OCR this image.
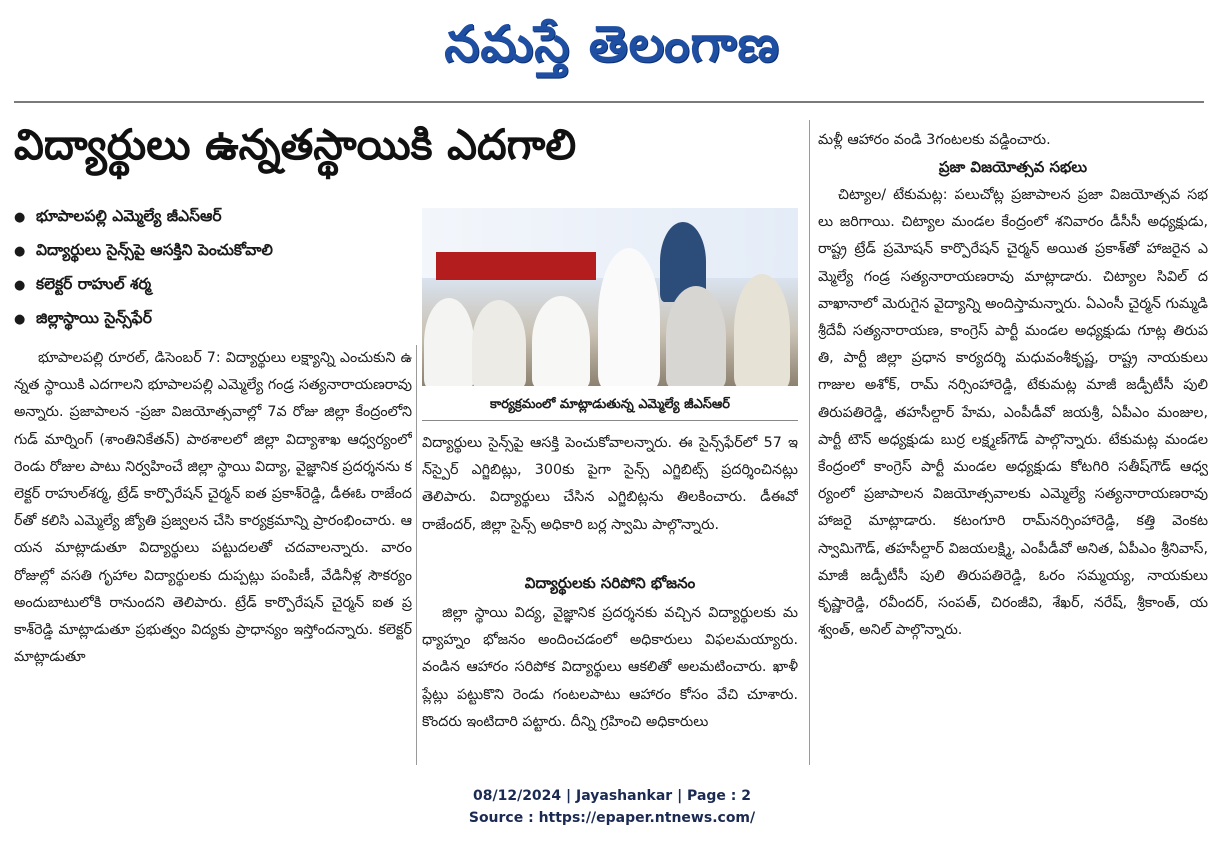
నమస్తే తెలంగాణ
విద్యార్థులు ఉన్నతస్థాయికి ఎదగాలి
● భూపాలపల్లి ఎమ్మెల్యే జీఎస్ఆర్
● విద్యార్థులు సైన్స్‌పై ఆసక్తిని పెంచుకోవాలి
● కలెక్టర్ రాహుల్ శర్మ
● జిల్లాస్థాయి సైన్స్‌ఫేర్
కార్యక్రమంలో మాట్లాడుతున్న ఎమ్మెల్యే జీఎస్ఆర్
భూపాలపల్లి రూరల్, డిసెంబర్ 7: విద్యార్థులు లక్ష్యాన్ని ఎంచుకుని ఉన్నత స్థాయికి ఎదగాలని భూపాలపల్లి ఎమ్మెల్యే గండ్ర సత్యనారాయణరావు అన్నారు. ప్రజాపాలన -ప్రజా విజయోత్సవాల్లో 7వ రోజు జిల్లా కేంద్రంలోని గుడ్ మార్నింగ్ (శాంతినికేతన్) పాఠశాలలో జిల్లా విద్యాశాఖ ఆధ్వర్యంలో రెండు రోజుల పాటు నిర్వహించే జిల్లా స్థాయి విద్యా, వైజ్ఞానిక ప్రదర్శనను కలెక్టర్ రాహుల్‌శర్మ, ట్రేడ్ కార్పొరేషన్ చైర్మన్ ఐత ప్రకాశ్‌రెడ్డి, డీఈఓ రాజేందర్‌తో కలిసి ఎమ్మెల్యే జ్యోతి ప్రజ్వలన చేసి కార్యక్రమాన్ని ప్రారంభించారు. ఆయన మాట్లాడుతూ విద్యార్థులు పట్టుదలతో చదవాలన్నారు. వారం రోజుల్లో వసతి గృహాల విద్యార్థులకు దుప్పట్లు పంపిణీ, వేడినీళ్ల సౌకర్యం అందుబాటులోకి రానుందని తెలిపారు. ట్రేడ్ కార్పొరేషన్ చైర్మన్ ఐత ప్రకాశ్‌రెడ్డి మాట్లాడుతూ ప్రభుత్వం విద్యకు ప్రాధాన్యం ఇస్తోందన్నారు. కలెక్టర్ మాట్లాడుతూ
విద్యార్థులు సైన్స్‌పై ఆసక్తి పెంచుకోవాలన్నారు. ఈ సైన్స్‌ఫేర్‌లో 57 ఇన్‌స్పైర్ ఎగ్జిబిట్లు, 300కు పైగా సైన్స్ ఎగ్జిబిట్స్ ప్రదర్శించినట్లు తెలిపారు. విద్యార్థులు చేసిన ఎగ్జిబిట్లను తిలకించారు. డీఈవో రాజేందర్, జిల్లా సైన్స్ అధికారి బర్ల స్వామి పాల్గొన్నారు.
విద్యార్థులకు సరిపోని భోజనం
జిల్లా స్థాయి విద్య, వైజ్ఞానిక ప్రదర్శనకు వచ్చిన విద్యార్థులకు మధ్యాహ్నం భోజనం అందించడంలో అధికారులు విఫలమయ్యారు. వండిన ఆహారం సరిపోక విద్యార్థులు ఆకలితో అలమటించారు. ఖాళీ ప్లేట్లు పట్టుకొని రెండు గంటలపాటు ఆహారం కోసం వేచి చూశారు. కొందరు ఇంటిదారి పట్టారు. దీన్ని గ్రహించి అధికారులు
మళ్లీ ఆహారం వండి 3గంటలకు వడ్డించారు.
ప్రజా విజయోత్సవ సభలు
చిట్యాల/ టేకుమట్ల: పలుచోట్ల ప్రజాపాలన ప్రజా విజయోత్సవ సభలు జరిగాయి. చిట్యాల మండల కేంద్రంలో శనివారం డీసీసీ అధ్యక్షుడు, రాష్ట్ర ట్రేడ్ ప్రమోషన్ కార్పొరేషన్ చైర్మన్ అయిత ప్రకాశ్‌తో హాజరైన ఎమ్మెల్యే గండ్ర సత్యనారాయణరావు మాట్లాడారు. చిట్యాల సివిల్ దవాఖానాలో మెరుగైన వైద్యాన్ని అందిస్తామన్నారు. ఏఎంసీ చైర్మన్ గుమ్మడి శ్రీదేవీ సత్యనారాయణ, కాంగ్రెస్ పార్టీ మండల అధ్యక్షుడు గూట్ల తిరుపతి, పార్టీ జిల్లా ప్రధాన కార్యదర్శి మధువంశీకృష్ణ, రాష్ట్ర నాయకులు గాజుల అశోక్, రామ్ నర్సింహారెడ్డి, టేకుమట్ల మాజీ జడ్పీటీసీ పులి తిరుపతిరెడ్డి, తహసీల్దార్ హేమ, ఎంపీడీవో జయశ్రీ, ఏపీఎం మంజుల, పార్టీ టౌన్ అధ్యక్షుడు బుర్ర లక్ష్మణ్‌గౌడ్ పాల్గొన్నారు. టేకుమట్ల మండల కేంద్రంలో కాంగ్రెస్ పార్టీ మండల అధ్యక్షుడు కోటగిరి సతీష్‌గౌడ్ ఆధ్వర్యంలో ప్రజాపాలన విజయోత్సవాలకు ఎమ్మెల్యే సత్యనారాయణరావు హాజరై మాట్లాడారు. కటంగూరి రామ్‌నర్సింహారెడ్డి, కత్తి వెంకటస్వామిగౌడ్, తహసీల్దార్ విజయలక్ష్మి, ఎంపీడీవో అనిత, ఏపీఎం శ్రీనివాస్, మాజీ జడ్పీటీసీ పులి తిరుపతిరెడ్డి, ఓరం సమ్మయ్య, నాయకులు కృష్ణారెడ్డి, రవీందర్, సంపత్, చిరంజీవి, శేఖర్, నరేష్, శ్రీకాంత్, యశ్వంత్, అనిల్ పాల్గొన్నారు.
08/12/2024 | Jayashankar | Page : 2
Source : https://epaper.ntnews.com/
